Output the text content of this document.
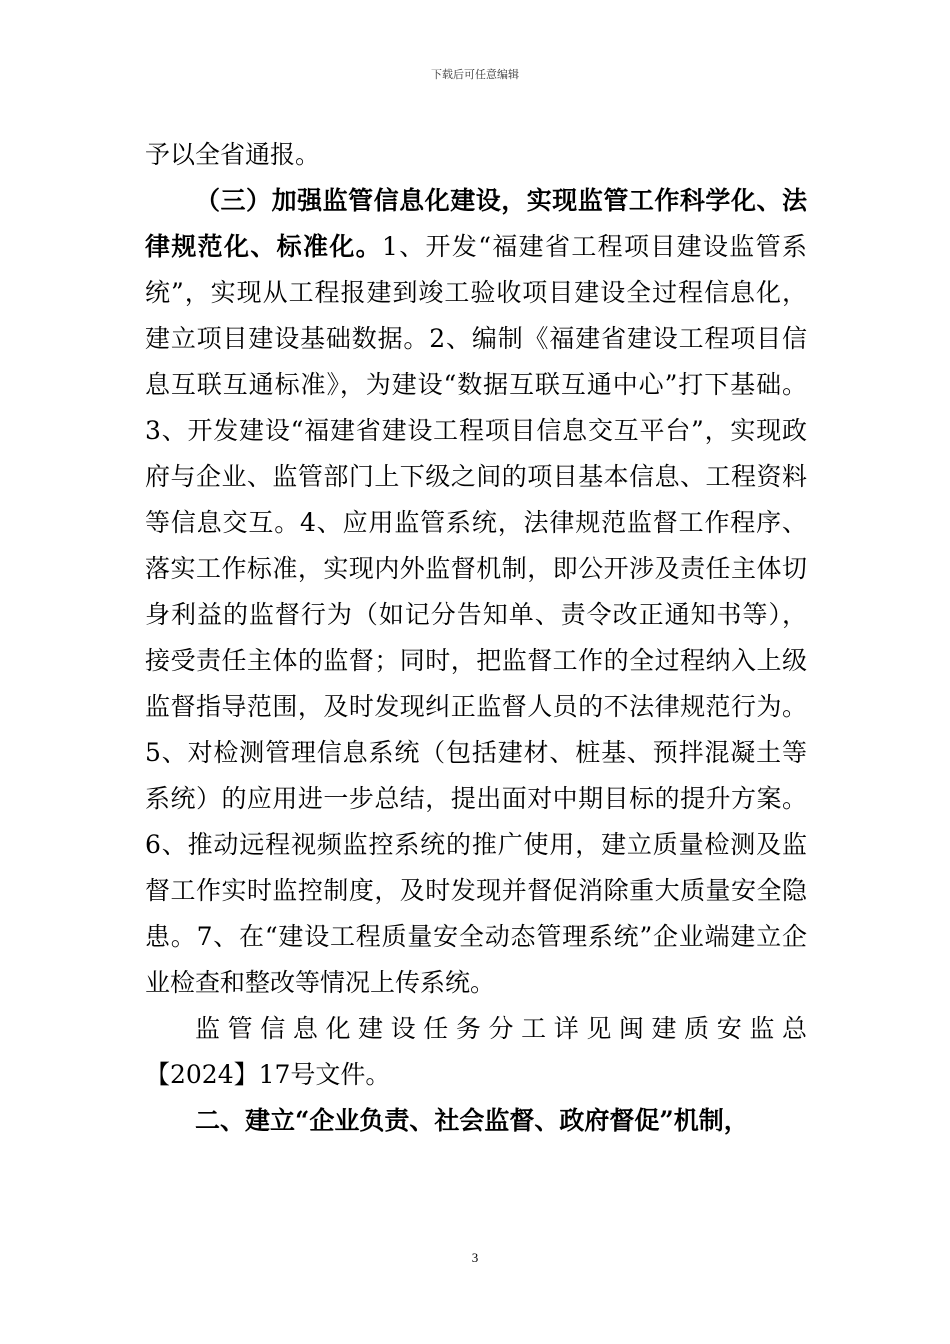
下载后可任意编辑

予以全省通报。

（三）加强监管信息化建设，实现监管工作科学化、法律规范化、标准化。1、开发“福建省工程项目建设监管系统”，实现从工程报建到竣工验收项目建设全过程信息化，建立项目建设基础数据。2、编制《福建省建设工程项目信息互联互通标准》，为建设“数据互联互通中心”打下基础。3、开发建设“福建省建设工程项目信息交互平台”，实现政府与企业、监管部门上下级之间的项目基本信息、工程资料等信息交互。4、应用监管系统，法律规范监督工作程序、落实工作标准，实现内外监督机制，即公开涉及责任主体切身利益的监督行为（如记分告知单、责令改正通知书等），接受责任主体的监督；同时，把监督工作的全过程纳入上级监督指导范围，及时发现纠正监督人员的不法律规范行为。5、对检测管理信息系统（包括建材、桩基、预拌混凝土等系统）的应用进一步总结，提出面对中期目标的提升方案。6、推动远程视频监控系统的推广使用，建立质量检测及监督工作实时监控制度，及时发现并督促消除重大质量安全隐患。7、在“建设工程质量安全动态管理系统”企业端建立企业检查和整改等情况上传系统。

监管信息化建设任务分工详见闽建质安监总

【2024】17号文件。

二、建立“企业负责、社会监督、政府督促”机制，

3
